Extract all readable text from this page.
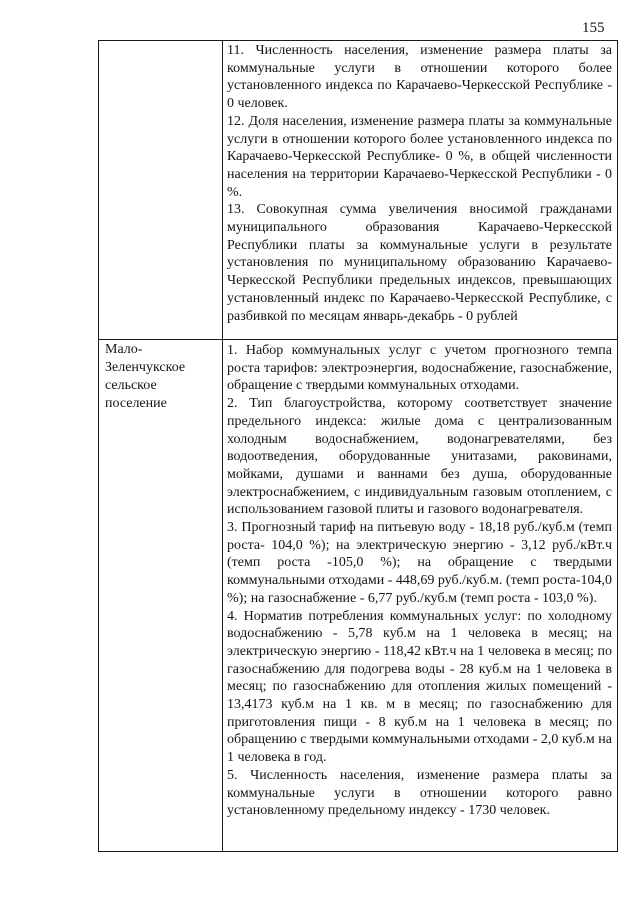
155

11. Численность населения, изменение размера платы за коммунальные услуги в отношении которого более установленного индекса по Карачаево-Черкесской Республике - 0 человек.

12. Доля населения, изменение размера платы за коммунальные услуги в отношении которого более установленного индекса по Карачаево-Черкесской Республике- 0 %, в общей численности населения на территории Карачаево-Черкесской Республики - 0 %.

13. Совокупная сумма увеличения вносимой гражданами муниципального образования Карачаево-Черкесской Республики платы за коммунальные услуги в результате установления по муниципальному образованию Карачаево-Черкесской Республики предельных индексов, превышающих установленный индекс по Карачаево-Черкесской Республике, с разбивкой по месяцам январь-декабрь - 0 рублей

Мало-
Зеленчукское
сельское
поселение

1. Набор коммунальных услуг с учетом прогнозного темпа роста тарифов: электроэнергия, водоснабжение, газоснабжение, обращение с твердыми коммунальных отходами.

2. Тип благоустройства, которому соответствует значение предельного индекса: жилые дома с централизованным холодным водоснабжением, водонагревателями, без водоотведения, оборудованные унитазами, раковинами, мойками, душами и ваннами без душа, оборудованные электроснабжением, с индивидуальным газовым отоплением, с использованием газовой плиты и газового водонагревателя.

3. Прогнозный тариф на питьевую воду - 18,18 руб./куб.м (темп роста- 104,0 %); на электрическую энергию - 3,12 руб./кВт.ч (темп роста -105,0 %); на обращение с твердыми коммунальными отходами - 448,69 руб./куб.м. (темп роста-104,0 %); на газоснабжение - 6,77 руб./куб.м (темп роста - 103,0 %).

4. Норматив потребления коммунальных услуг: по холодному водоснабжению - 5,78 куб.м на 1 человека в месяц; на электрическую энергию - 118,42 кВт.ч на 1 человека в месяц; по газоснабжению для подогрева воды - 28 куб.м на 1 человека в месяц; по газоснабжению для отопления жилых помещений - 13,4173 куб.м на 1 кв. м в месяц; по газоснабжению для приготовления пищи - 8 куб.м на 1 человека в месяц; по обращению с твердыми коммунальными отходами - 2,0 куб.м на 1 человека в год.

5. Численность населения, изменение размера платы за коммунальные услуги в отношении которого равно установленному предельному индексу - 1730 человек.
